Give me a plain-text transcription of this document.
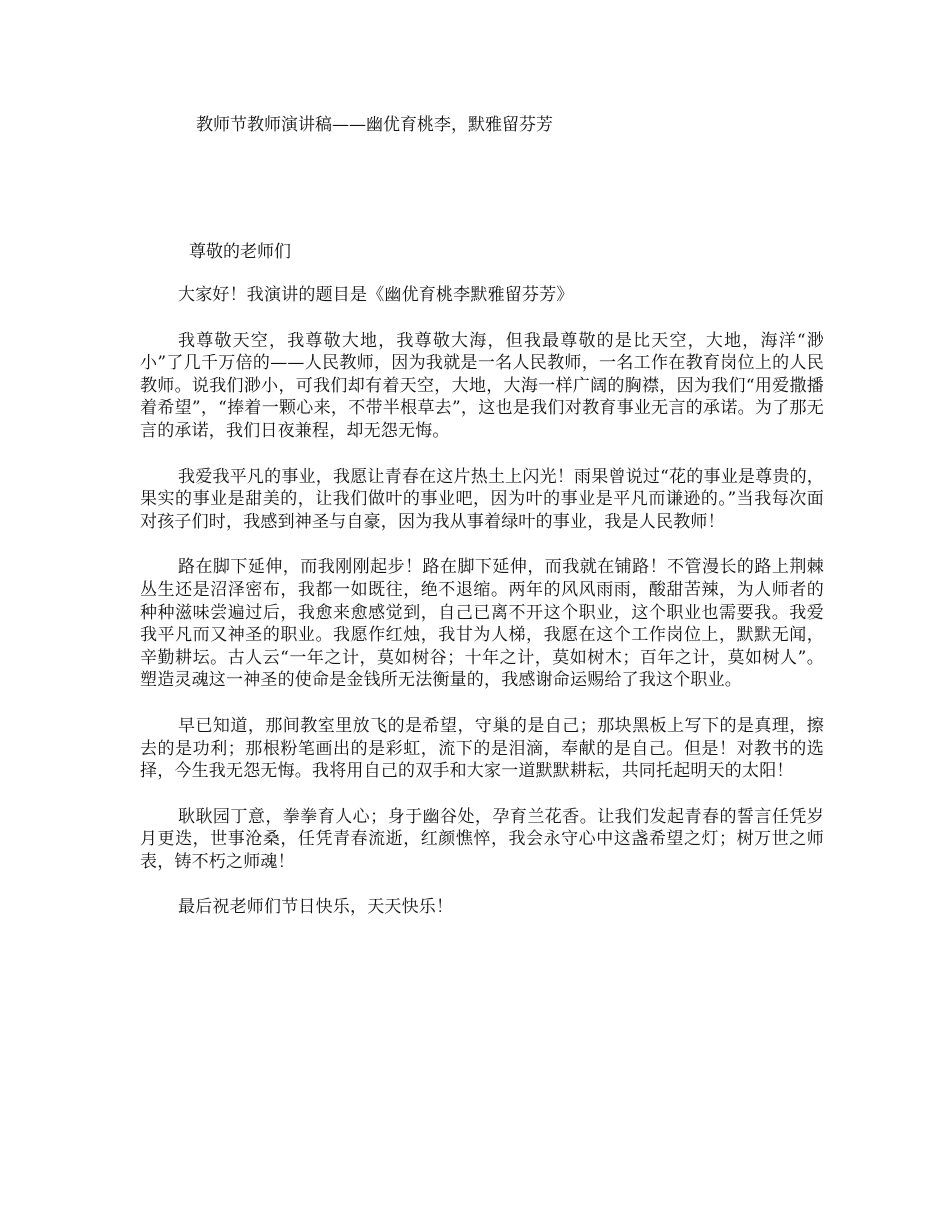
教师节教师演讲稿——幽优育桃李，默雅留芬芳

尊敬的老师们

大家好！我演讲的题目是《幽优育桃李默雅留芬芳》

我尊敬天空，我尊敬大地，我尊敬大海，但我最尊敬的是比天空，大地，海洋“渺小”了几千万倍的——人民教师，因为我就是一名人民教师，一名工作在教育岗位上的人民教师。说我们渺小，可我们却有着天空，大地，大海一样广阔的胸襟，因为我们“用爱撒播着希望”，“捧着一颗心来，不带半根草去”，这也是我们对教育事业无言的承诺。为了那无言的承诺，我们日夜兼程，却无怨无悔。

我爱我平凡的事业，我愿让青春在这片热土上闪光！雨果曾说过“花的事业是尊贵的，果实的事业是甜美的，让我们做叶的事业吧，因为叶的事业是平凡而谦逊的。”当我每次面对孩子们时，我感到神圣与自豪，因为我从事着绿叶的事业，我是人民教师！

路在脚下延伸，而我刚刚起步！路在脚下延伸，而我就在铺路！不管漫长的路上荆棘丛生还是沼泽密布，我都一如既往，绝不退缩。两年的风风雨雨，酸甜苦辣，为人师者的种种滋味尝遍过后，我愈来愈感觉到，自己已离不开这个职业，这个职业也需要我。我爱我平凡而又神圣的职业。我愿作红烛，我甘为人梯，我愿在这个工作岗位上，默默无闻，辛勤耕坛。古人云“一年之计，莫如树谷；十年之计，莫如树木；百年之计，莫如树人”。塑造灵魂这一神圣的使命是金钱所无法衡量的，我感谢命运赐给了我这个职业。

早已知道，那间教室里放飞的是希望，守巢的是自己；那块黑板上写下的是真理，擦去的是功利；那根粉笔画出的是彩虹，流下的是泪滴，奉献的是自己。但是！对教书的选择，今生我无怨无悔。我将用自己的双手和大家一道默默耕耘，共同托起明天的太阳！

耿耿园丁意，拳拳育人心；身于幽谷处，孕育兰花香。让我们发起青春的誓言任凭岁月更迭，世事沧桑，任凭青春流逝，红颜憔悴，我会永守心中这盏希望之灯；树万世之师表，铸不朽之师魂！

最后祝老师们节日快乐，天天快乐！
